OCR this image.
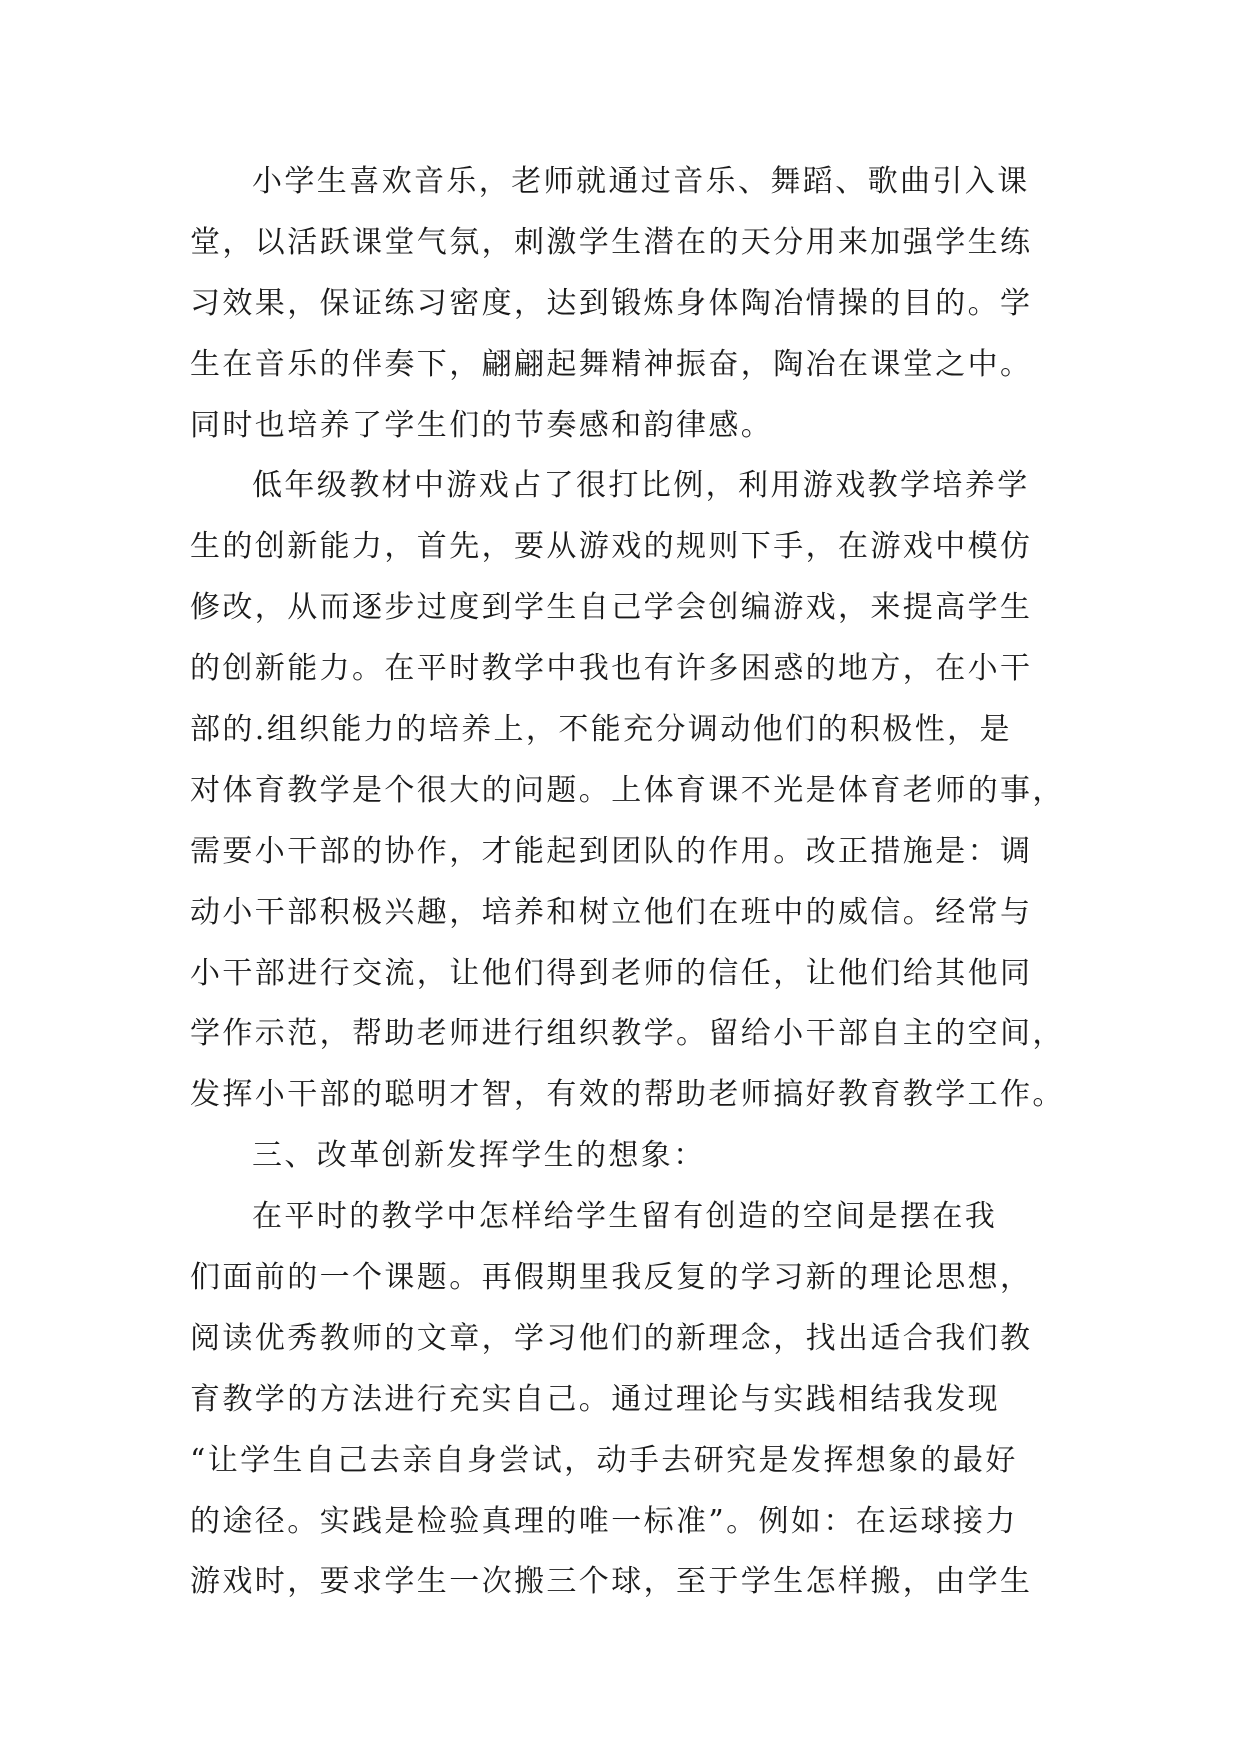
小学生喜欢音乐，老师就通过音乐、舞蹈、歌曲引入课
堂，以活跃课堂气氛，刺激学生潜在的天分用来加强学生练
习效果，保证练习密度，达到锻炼身体陶冶情操的目的。学
生在音乐的伴奏下，翩翩起舞精神振奋，陶冶在课堂之中。
同时也培养了学生们的节奏感和韵律感。
低年级教材中游戏占了很打比例，利用游戏教学培养学
生的创新能力，首先，要从游戏的规则下手，在游戏中模仿
修改，从而逐步过度到学生自己学会创编游戏，来提高学生
的创新能力。在平时教学中我也有许多困惑的地方，在小干
部的.组织能力的培养上，不能充分调动他们的积极性，是
对体育教学是个很大的问题。上体育课不光是体育老师的事，
需要小干部的协作，才能起到团队的作用。改正措施是：调
动小干部积极兴趣，培养和树立他们在班中的威信。经常与
小干部进行交流，让他们得到老师的信任，让他们给其他同
学作示范，帮助老师进行组织教学。留给小干部自主的空间，
发挥小干部的聪明才智，有效的帮助老师搞好教育教学工作。
三、改革创新发挥学生的想象：
在平时的教学中怎样给学生留有创造的空间是摆在我
们面前的一个课题。再假期里我反复的学习新的理论思想，
阅读优秀教师的文章，学习他们的新理念，找出适合我们教
育教学的方法进行充实自己。通过理论与实践相结我发现
“让学生自己去亲自身尝试，动手去研究是发挥想象的最好
的途径。实践是检验真理的唯一标准”。例如：在运球接力
游戏时，要求学生一次搬三个球，至于学生怎样搬，由学生
